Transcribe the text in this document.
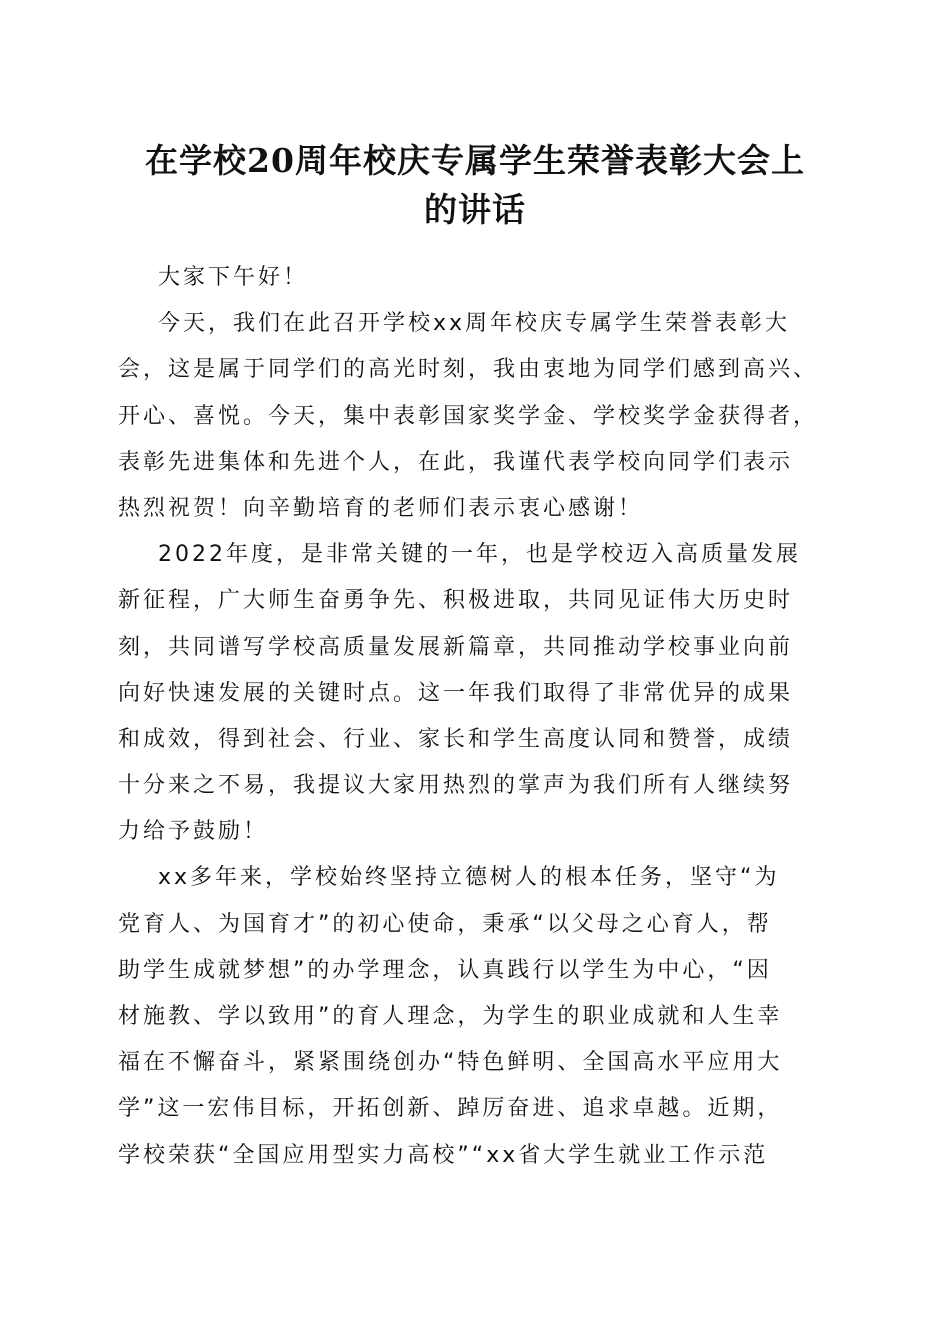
在学校20周年校庆专属学生荣誉表彰大会上
的讲话

大家下午好！

今天，我们在此召开学校xx周年校庆专属学生荣誉表彰大
会，这是属于同学们的高光时刻，我由衷地为同学们感到高兴、
开心、喜悦。今天，集中表彰国家奖学金、学校奖学金获得者，
表彰先进集体和先进个人，在此，我谨代表学校向同学们表示
热烈祝贺！向辛勤培育的老师们表示衷心感谢！

2022年度，是非常关键的一年，也是学校迈入高质量发展
新征程，广大师生奋勇争先、积极进取，共同见证伟大历史时
刻，共同谱写学校高质量发展新篇章，共同推动学校事业向前
向好快速发展的关键时点。这一年我们取得了非常优异的成果
和成效，得到社会、行业、家长和学生高度认同和赞誉，成绩
十分来之不易，我提议大家用热烈的掌声为我们所有人继续努
力给予鼓励！

xx多年来，学校始终坚持立德树人的根本任务，坚守“为
党育人、为国育才”的初心使命，秉承“以父母之心育人，帮
助学生成就梦想”的办学理念，认真践行以学生为中心，“因
材施教、学以致用”的育人理念，为学生的职业成就和人生幸
福在不懈奋斗，紧紧围绕创办“特色鲜明、全国高水平应用大
学”这一宏伟目标，开拓创新、踔厉奋进、追求卓越。近期，
学校荣获“全国应用型实力高校”“xx省大学生就业工作示范
